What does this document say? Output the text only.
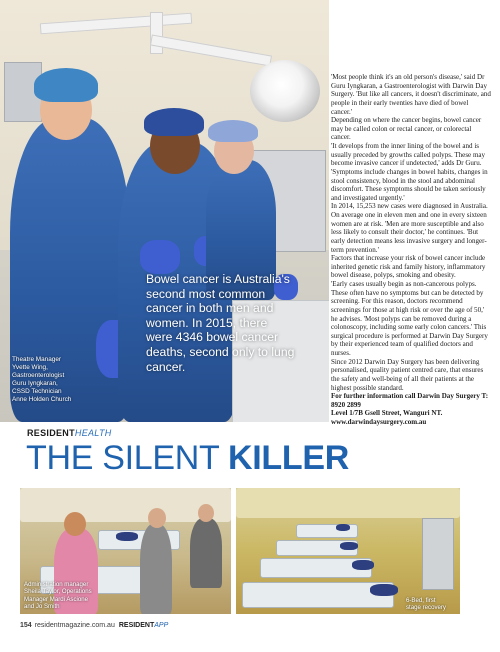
Bowel cancer is Australia's second most common cancer in both men and women. In 2015, there were 4346 bowel cancer deaths, second only to lung cancer.
Theatre Manager
Yvette Wing,
Gastroenterologist
Guru Iyngkaran,
CSSD Technician
Anne Holden Church

'Most people think it's an old person's disease,' said Dr Guru Iyngkaran, a Gastroenterologist with Darwin Day Surgery. 'But like all cancers, it doesn't discriminate, and people in their early twenties have died of bowel cancer.'

Depending on where the cancer begins, bowel cancer may be called colon or rectal cancer, or colorectal cancer.

'It develops from the inner lining of the bowel and is usually preceded by growths called polyps. These may become invasive cancer if undetected,' adds Dr Guru. 'Symptoms include changes in bowel habits, changes in stool consistency, blood in the stool and abdominal discomfort. These symptoms should be taken seriously and investigated urgently.'

In 2014, 15,253 new cases were diagnosed in Australia. On average one in eleven men and one in every sixteen women are at risk. 'Men are more susceptible and also less likely to consult their doctor,' he continues. 'But early detection means less invasive surgery and longer-term prevention.'

Factors that increase your risk of bowel cancer include inherited genetic risk and family history, inflammatory bowel disease, polyps, smoking and obesity.

'Early cases usually begin as non-cancerous polyps. These often have no symptoms but can be detected by screening. For this reason, doctors recommend screenings for those at high risk or over the age of 50,' he advises. 'Most polyps can be removed during a colonoscopy, including some early colon cancers.' This surgical procedure is performed at Darwin Day Surgery by their experienced team of qualified doctors and nurses.

Since 2012 Darwin Day Surgery has been delivering personalised, quality patient centred care, that ensures the safety and well-being of all their patients at the highest possible standard.

For further information call Darwin Day Surgery T: 8920 2899

Level 1/7B Gsell Street, Wanguri NT.

www.darwindaysurgery.com.au

RESIDENTHEALTH
THE SILENT KILLER
Administration manager
Sheila Taylor, Operations
Manager Mardi Ascione
and Jo Smith
6-Bed, first
stage recovery
154 residentmagazine.com.au RESIDENTAPP
